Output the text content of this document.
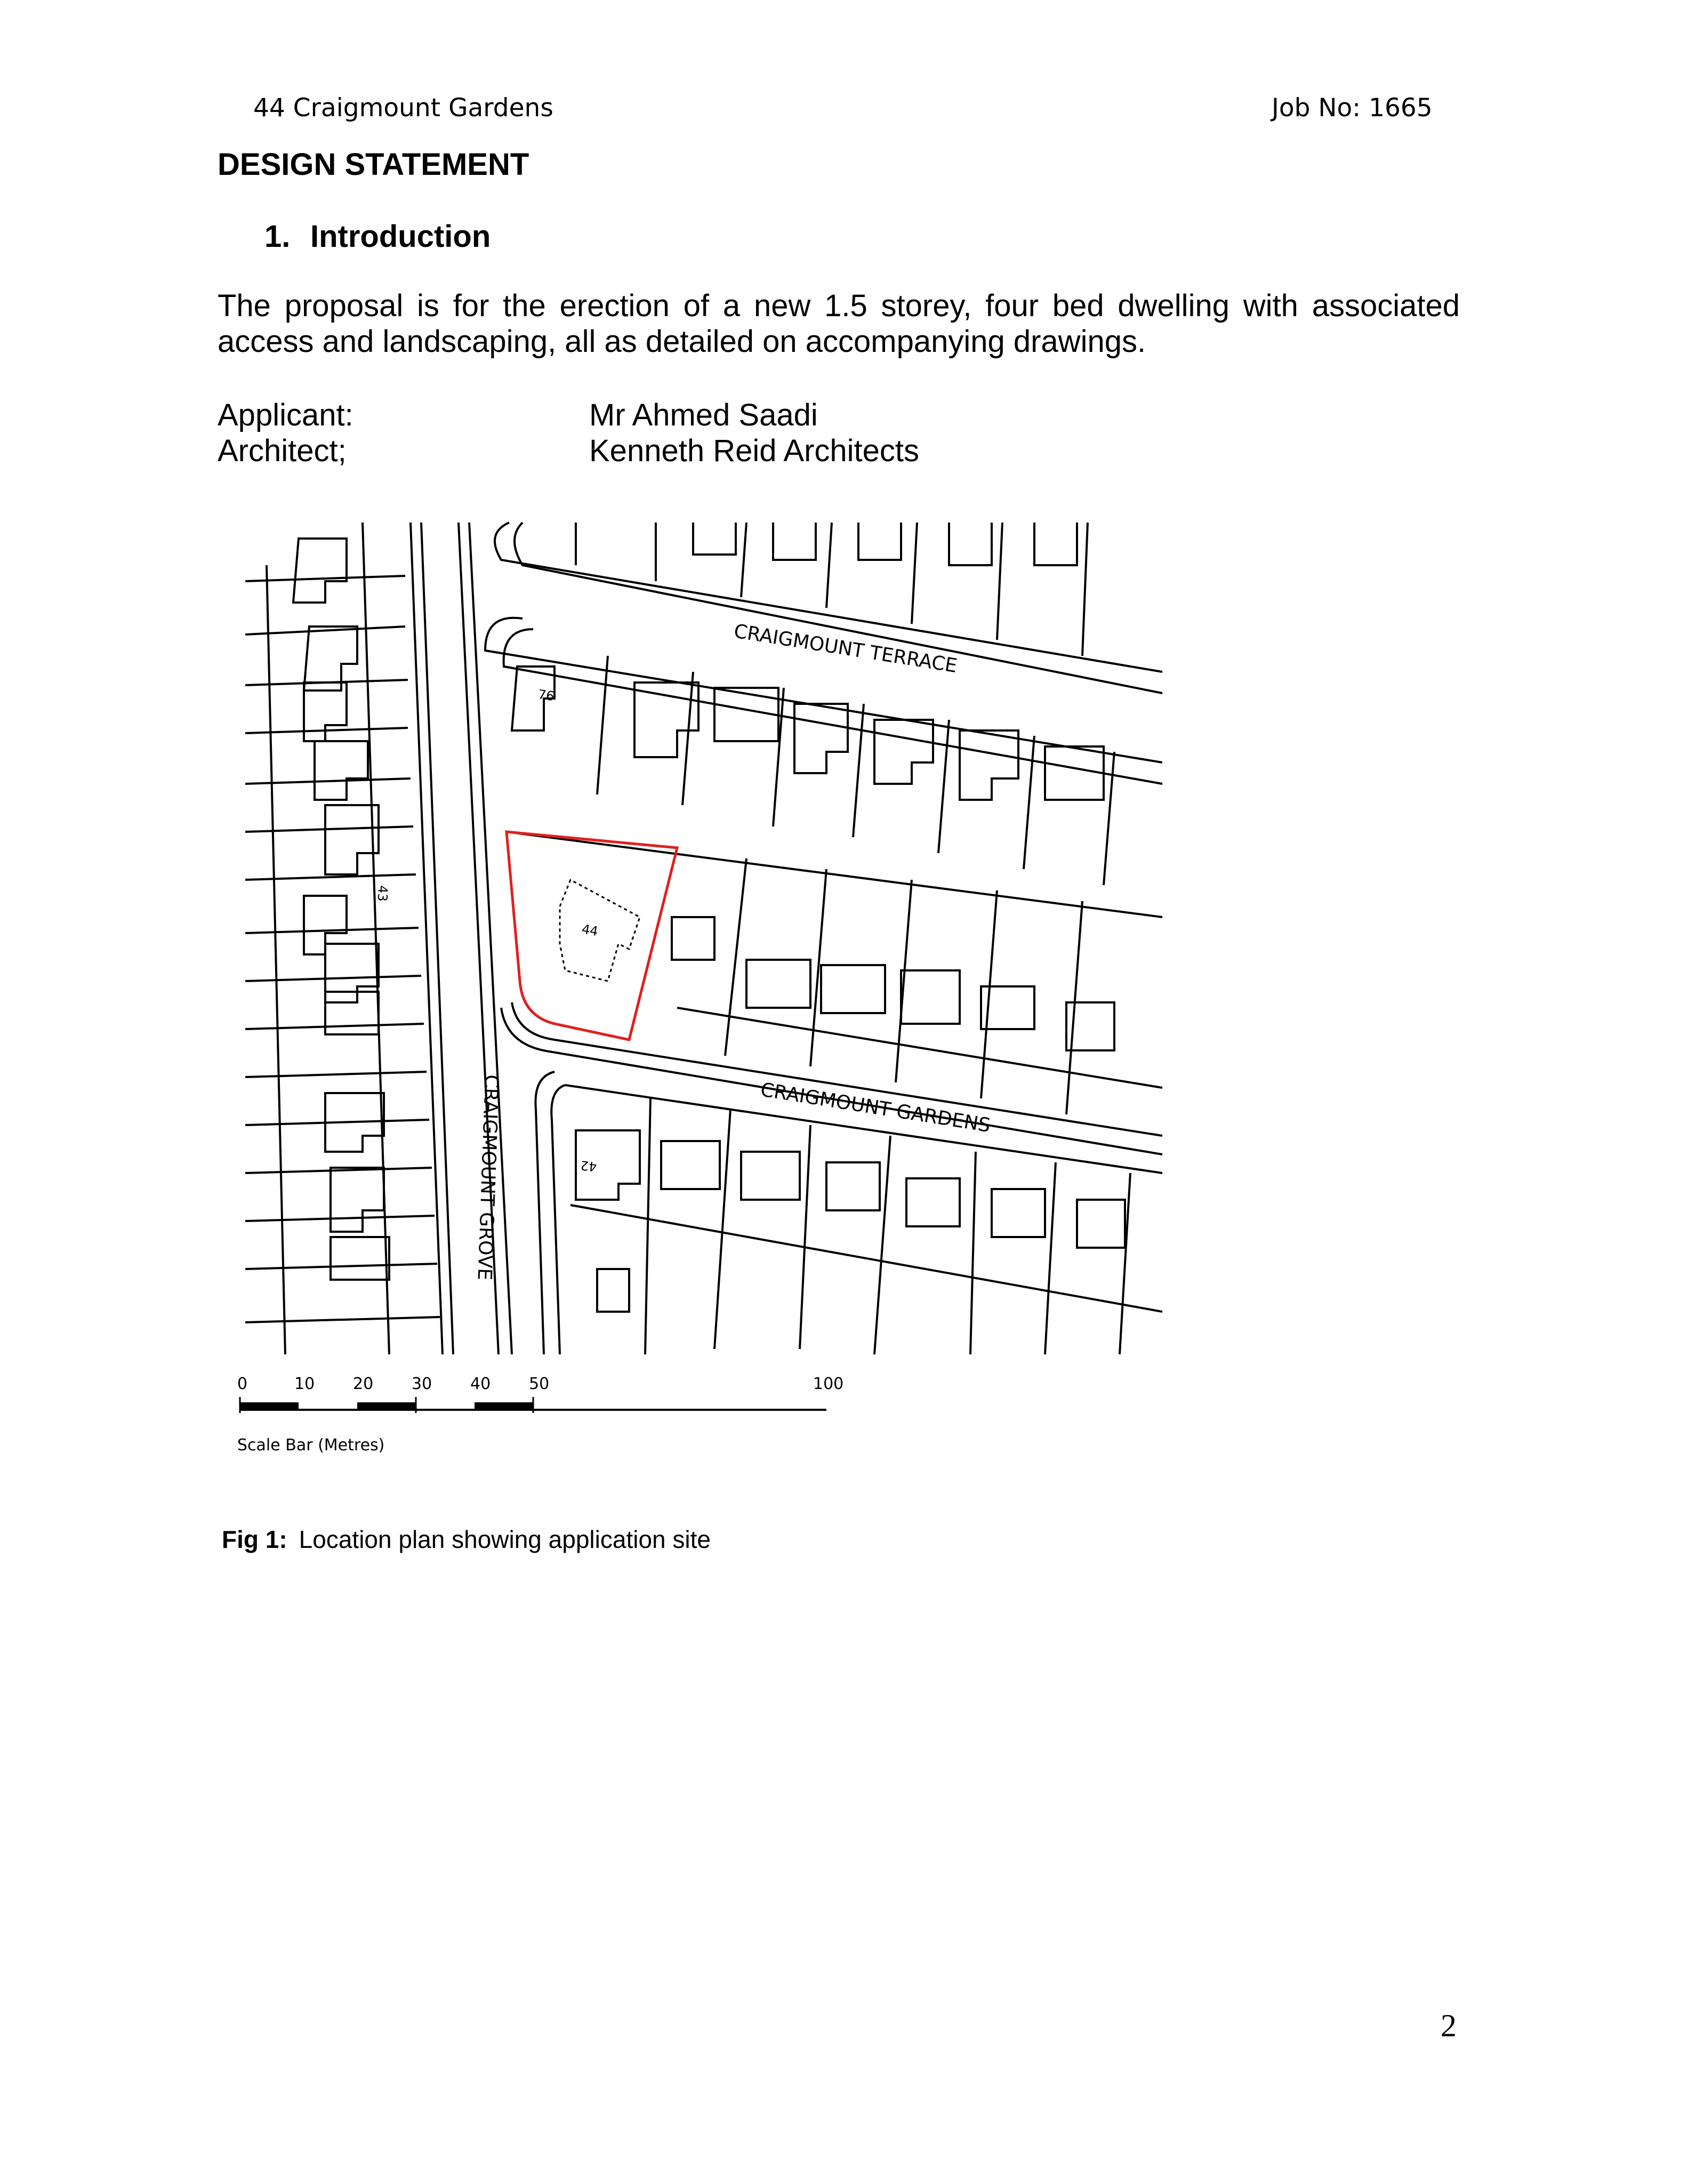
44 Craigmount Gardens	Job No: 1665
DESIGN STATEMENT
1. Introduction

The proposal is for the erection of a new 1.5 storey, four bed dwelling with associated access and landscaping, all as detailed on accompanying drawings.

Applicant:	Mr Ahmed Saadi
Architect;	Kenneth Reid Architects
CRAIGMOUNT TERRACE
CRAIGMOUNT GARDENS
CRAIGMOUNT GROVE
76
44
43
42
0	10 20 30 40 50	100
Scale Bar (Metres)
Fig 1: Location plan showing application site
2
